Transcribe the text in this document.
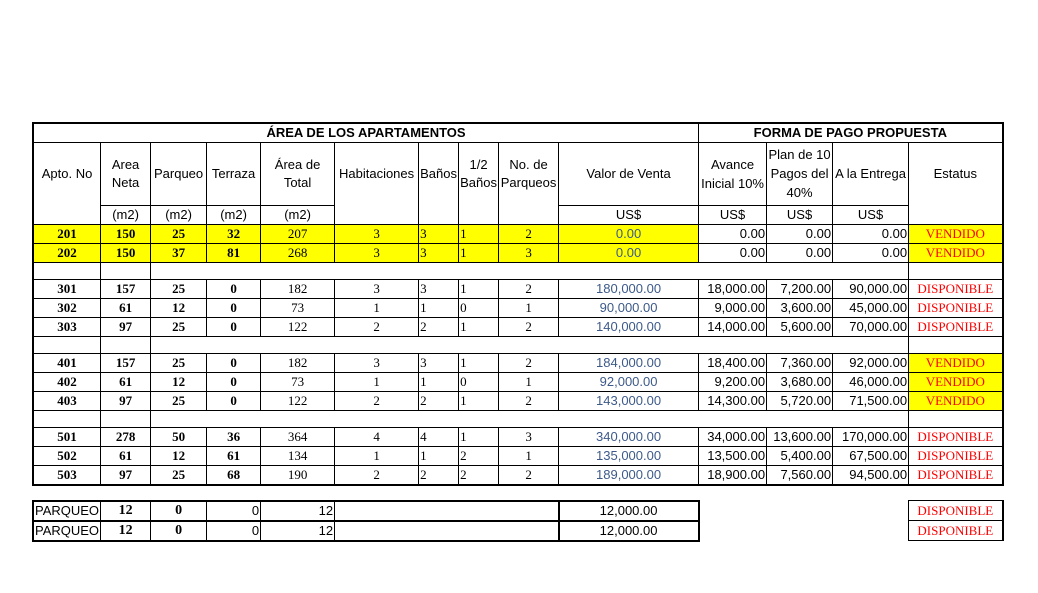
ÁREA DE LOS APARTAMENTOS										FORMA DE PAGO PROPUESTA			
Apto. No	Area Neta	Parqueo	Terraza	Área de Total	Habitaciones	Baños	1/2 Baños	No. de Parqueos	Valor de Venta	Avance Inicial 10%	Plan de 10 Pagos del 40%	A la Entrega	Estatus
	(m2)	(m2)	(m2)	(m2)					US$	US$	US$	US$	
201	150	25	32	207	3	3	1	2	0.00	0.00	0.00	0.00	VENDIDO
202	150	37	81	268	3	3	1	3	0.00	0.00	0.00	0.00	VENDIDO

301	157	25	0	182	3	3	1	2	180,000.00	18,000.00	7,200.00	90,000.00	DISPONIBLE
302	61	12	0	73	1	1	0	1	90,000.00	9,000.00	3,600.00	45,000.00	DISPONIBLE
303	97	25	0	122	2	2	1	2	140,000.00	14,000.00	5,600.00	70,000.00	DISPONIBLE

401	157	25	0	182	3	3	1	2	184,000.00	18,400.00	7,360.00	92,000.00	VENDIDO
402	61	12	0	73	1	1	0	1	92,000.00	9,200.00	3,680.00	46,000.00	VENDIDO
403	97	25	0	122	2	2	1	2	143,000.00	14,300.00	5,720.00	71,500.00	VENDIDO

501	278	50	36	364	4	4	1	3	340,000.00	34,000.00	13,600.00	170,000.00	DISPONIBLE
502	61	12	61	134	1	1	2	1	135,000.00	13,500.00	5,400.00	67,500.00	DISPONIBLE
503	97	25	68	190	2	2	2	2	189,000.00	18,900.00	7,560.00	94,500.00	DISPONIBLE

PARQUEO	12	0	0	12					12,000.00				DISPONIBLE
PARQUEO	12	0	0	12					12,000.00				DISPONIBLE
